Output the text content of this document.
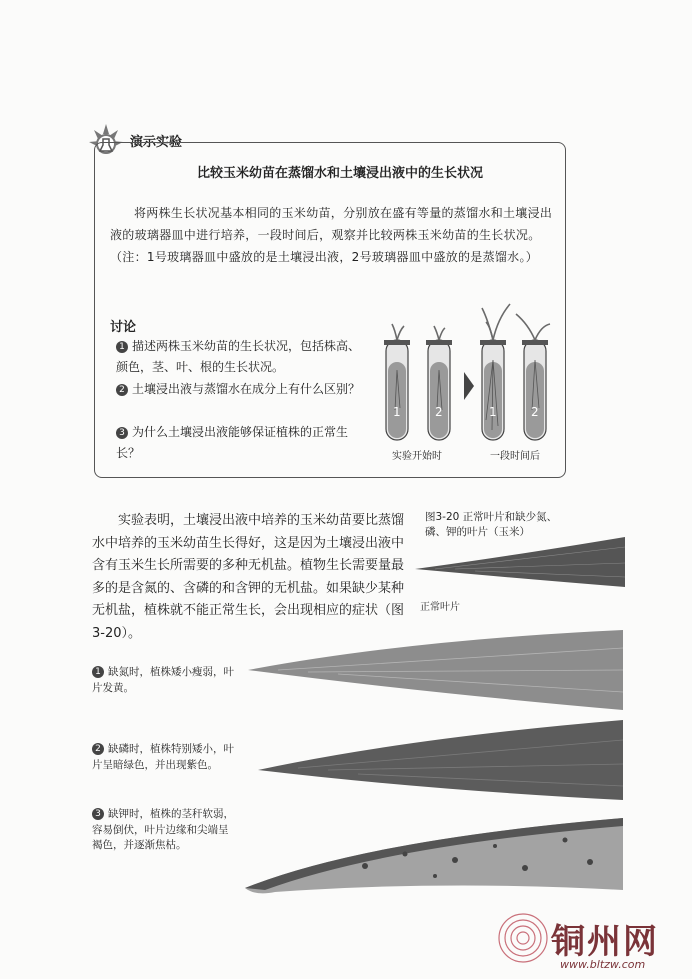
演示实验
比较玉米幼苗在蒸馏水和土壤浸出液中的生长状况
将两株生长状况基本相同的玉米幼苗，分别放在盛有等量的蒸馏水和土壤浸出液的玻璃器皿中进行培养，一段时间后，观察并比较两株玉米幼苗的生长状况。（注：1号玻璃器皿中盛放的是土壤浸出液，2号玻璃器皿中盛放的是蒸馏水。）
讨论
1 描述两株玉米幼苗的生长状况，包括株高、颜色，茎、叶、根的生长状况。
2 土壤浸出液与蒸馏水在成分上有什么区别？
3 为什么土壤浸出液能够保证植株的正常生长？
1	2	1	2
实验开始时	一段时间后
实验表明，土壤浸出液中培养的玉米幼苗要比蒸馏水中培养的玉米幼苗生长得好，这是因为土壤浸出液中含有玉米生长所需要的多种无机盐。植物生长需要量最多的是含氮的、含磷的和含钾的无机盐。如果缺少某种无机盐，植株就不能正常生长，会出现相应的症状（图3-20）。
图3-20 正常叶片和缺少氮、磷、钾的叶片（玉米）
正常叶片
1 缺氮时，植株矮小瘦弱，叶片发黄。
2 缺磷时，植株特别矮小，叶片呈暗绿色，并出现紫色。
3 缺钾时，植株的茎秆软弱，容易倒伏，叶片边缘和尖端呈褐色，并逐渐焦枯。
铜州网
www.bltzw.com
